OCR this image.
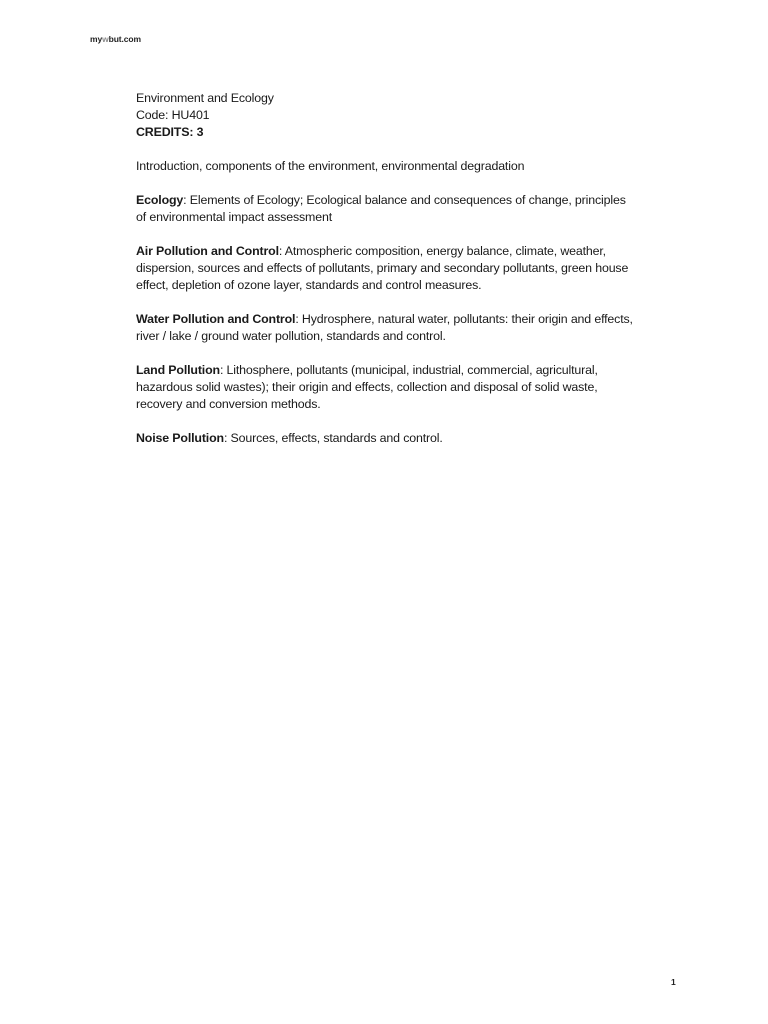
mywbut.com

Environment and Ecology
Code: HU401
CREDITS: 3

Introduction, components of the environment, environmental degradation

Ecology: Elements of Ecology; Ecological balance and consequences of change, principles of environmental impact assessment

Air Pollution and Control: Atmospheric composition, energy balance, climate, weather, dispersion, sources and effects of pollutants, primary and secondary pollutants, green house effect, depletion of ozone layer, standards and control measures.

Water Pollution and Control: Hydrosphere, natural water, pollutants: their origin and effects, river / lake / ground water pollution, standards and control.

Land Pollution: Lithosphere, pollutants (municipal, industrial, commercial, agricultural, hazardous solid wastes); their origin and effects, collection and disposal of solid waste, recovery and conversion methods.

Noise Pollution: Sources, effects, standards and control.

1
